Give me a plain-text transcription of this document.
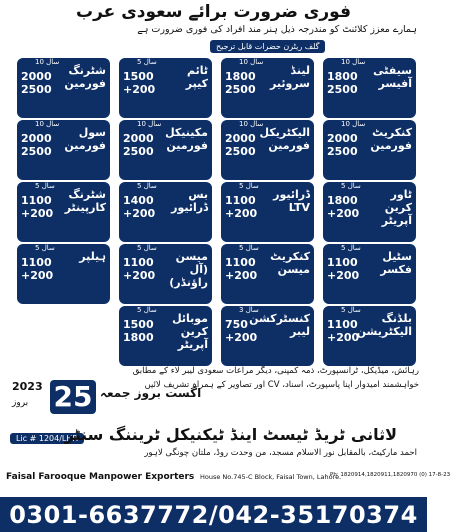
فوری ضرورت برائے سعودی عرب
ہمارے معزز کلائنٹ کو مندرجہ ذیل ہنر مند افراد کی فوری ضرورت ہے
گلف ریٹرن حضرات قابل ترجیح
10 سال
سیفٹی آفیسر
1800
2500
10 سال
لینڈ سروئیر
1800
2500
5 سال
ٹائم کیپر
1500
+200
10 سال
شٹرنگ فورمین
2000
2500
10 سال
کنکریٹ فورمین
2000
2500
10 سال
الیکٹریکل فورمین
2000
2500
10 سال
مکینیکل فورمین
2000
2500
10 سال
سول فورمین
2000
2500
5 سال
ٹاور کرین آپریٹر
1800
+200
5 سال
ڈرائیور LTV
1100
+200
5 سال
بس ڈرائیور
1400
+200
5 سال
شٹرنگ کارپینٹر
1100
+200
5 سال
سٹیل فکسر
1100
+200
5 سال
کنکریٹ میسن
1100
+200
5 سال
میسن (آل راؤنڈر)
1100
+200
5 سال
ہیلپر
1100
+200
5 سال
بلڈنگ الیکٹریشن
1100
+200
3 سال
کنسٹرکشن لیبر
750
+200
5 سال
موبائل کرین آپریٹر
1500
1800
رہائش، میڈیکل، ٹرانسپورٹ، ذمہ کمپنی، دیگر مراعات سعودی لیبر لاء کے مطابق
خواہشمند امیدوار اپنا پاسپورٹ، اسناد، CV اور تصاویر کے ہمراہ تشریف لائیں
2023
بروز 25 اگست بروز جمعہ
Lic # 1204/LHR
لاثانی ٹریڈ ٹیسٹ اینڈ ٹیکنیکل ٹریننگ سنٹر
احمد مارکیٹ، بالمقابل نور الاسلام مسجد، من وحدت روڈ، ملتان چونگی لاہور
Faisal Farooque Manpower Exporters House No.745-C Block, Faisal Town, Lahore.
Ph: 1820914,1820911,1820970 (0) 17-8-23
0301-6637772/042-35170374
